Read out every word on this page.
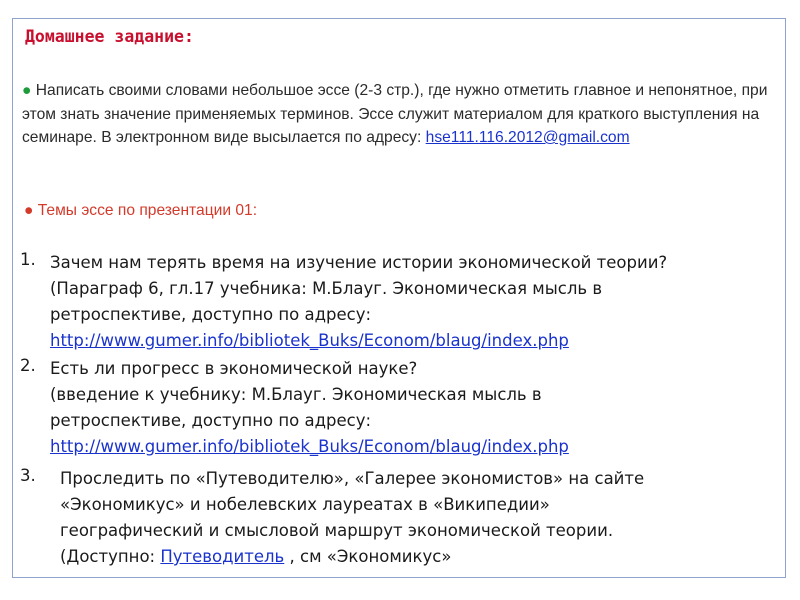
Домашнее задание:
● Написать своими словами небольшое эссе (2-3 стр.), где нужно отметить главное и непонятное, при этом знать значение применяемых терминов. Эссе служит материалом для краткого выступления на семинаре. В электронном виде высылается по адресу: hse111.116.2012@gmail.com
● Темы эссе по презентации 01:
1. Зачем нам терять время на изучение истории экономической теории?
(Параграф 6, гл.17 учебника: М.Блауг. Экономическая мысль в
ретроспективе, доступно по адресу:
http://www.gumer.info/bibliotek_Buks/Econom/blaug/index.php
2. Есть ли прогресс в экономической науке?
(введение к учебнику: М.Блауг. Экономическая мысль в
ретроспективе, доступно по адресу:
http://www.gumer.info/bibliotek_Buks/Econom/blaug/index.php
3. Проследить по «Путеводителю», «Галерее экономистов» на сайте
«Экономикус» и нобелевских лауреатах в «Википедии»
географический и смысловой маршрут экономической теории.
(Доступно: Путеводитель , см «Экономикус»
